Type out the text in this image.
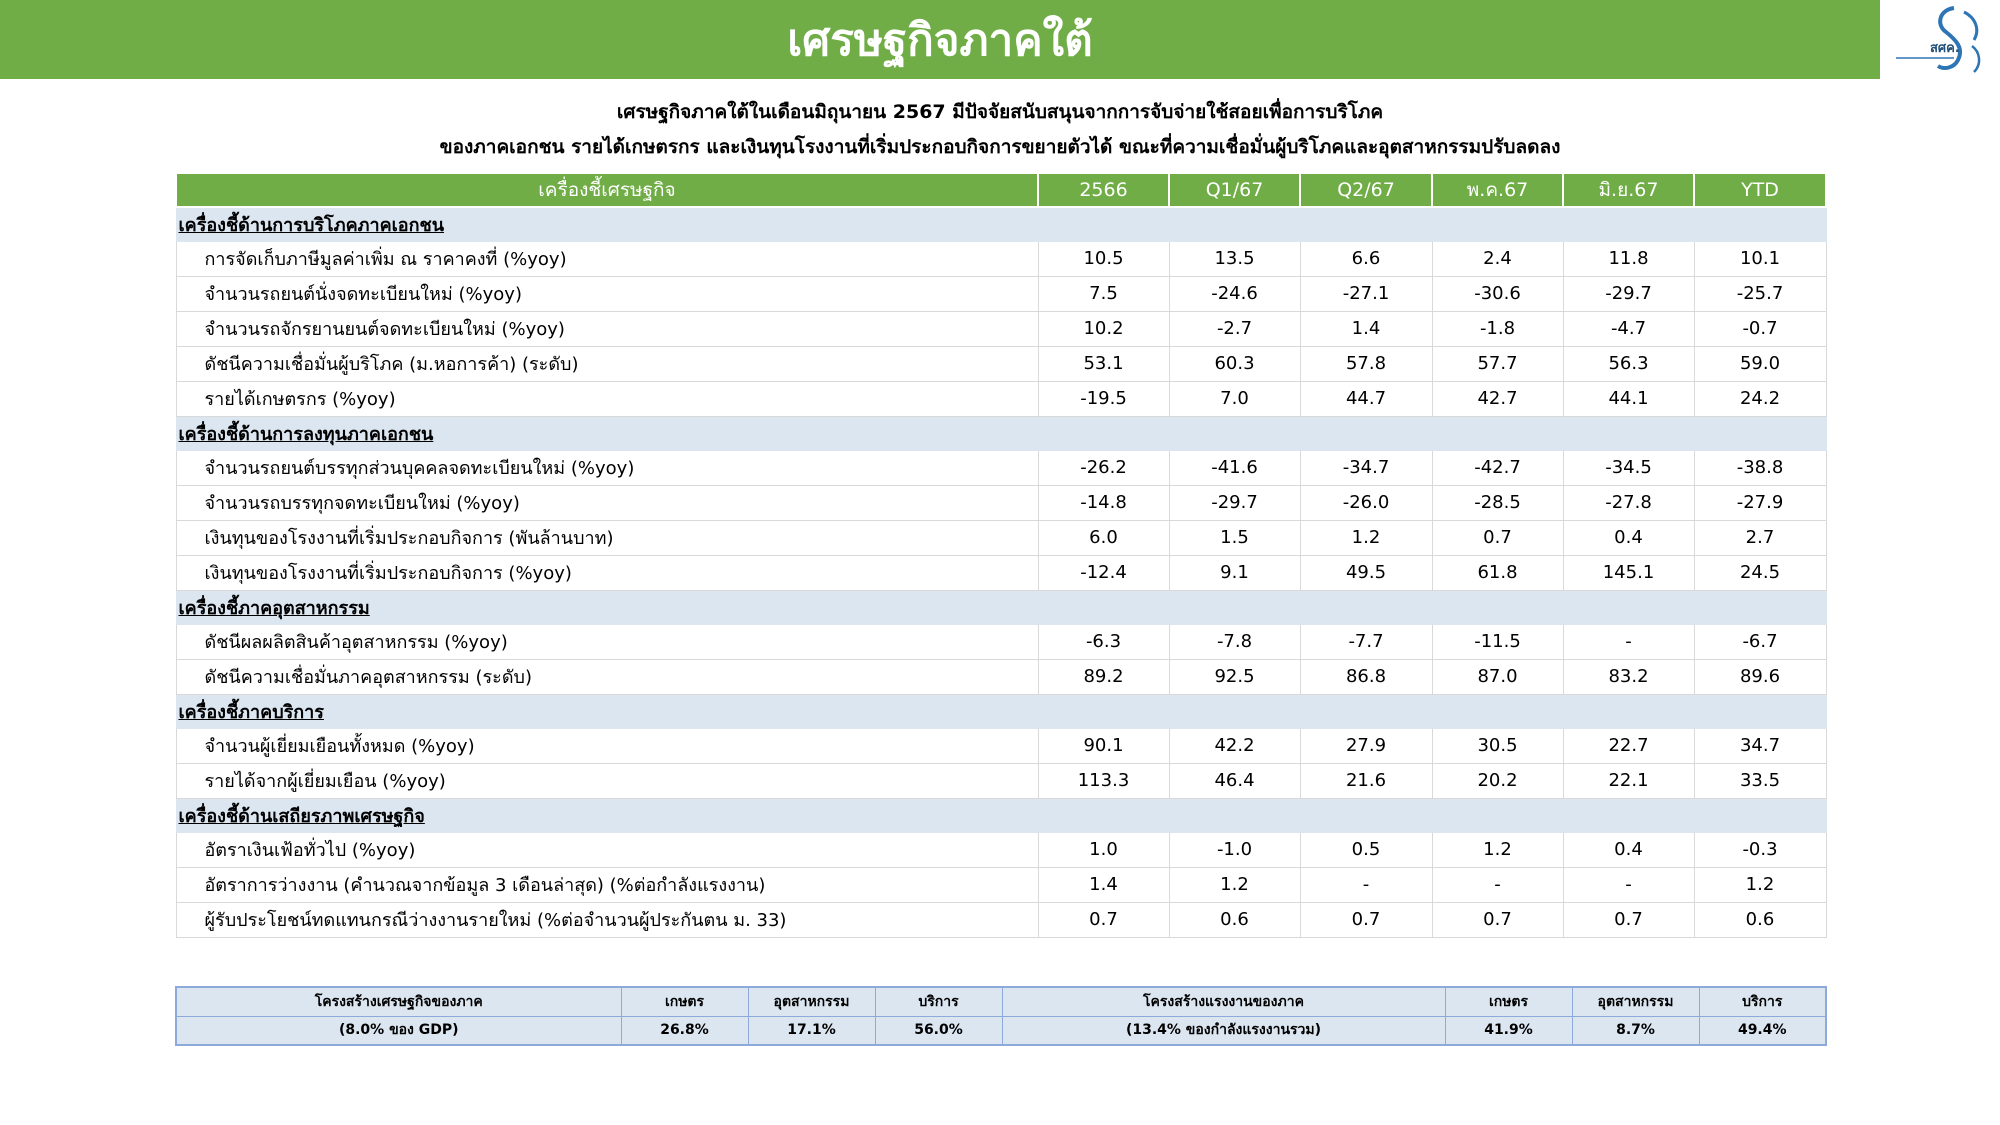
เศรษฐกิจภาคใต้	สศค.
เศรษฐกิจภาคใต้ในเดือนมิถุนายน 2567 มีปัจจัยสนับสนุนจากการจับจ่ายใช้สอยเพื่อการบริโภค
ของภาคเอกชน รายได้เกษตรกร และเงินทุนโรงงานที่เริ่มประกอบกิจการขยายตัวได้ ขณะที่ความเชื่อมั่นผู้บริโภคและอุตสาหกรรมปรับลดลง
เครื่องชี้เศรษฐกิจ	2566	Q1/67	Q2/67	พ.ค.67	มิ.ย.67	YTD
เครื่องชี้ด้านการบริโภคภาคเอกชน						
การจัดเก็บภาษีมูลค่าเพิ่ม ณ ราคาคงที่ (%yoy)	10.5	13.5	6.6	2.4	11.8	10.1
จำนวนรถยนต์นั่งจดทะเบียนใหม่ (%yoy)	7.5	-24.6	-27.1	-30.6	-29.7	-25.7
จำนวนรถจักรยานยนต์จดทะเบียนใหม่ (%yoy)	10.2	-2.7	1.4	-1.8	-4.7	-0.7
ดัชนีความเชื่อมั่นผู้บริโภค (ม.หอการค้า) (ระดับ)	53.1	60.3	57.8	57.7	56.3	59.0
รายได้เกษตรกร (%yoy)	-19.5	7.0	44.7	42.7	44.1	24.2
เครื่องชี้ด้านการลงทุนภาคเอกชน						
จำนวนรถยนต์บรรทุกส่วนบุคคลจดทะเบียนใหม่ (%yoy)	-26.2	-41.6	-34.7	-42.7	-34.5	-38.8
จำนวนรถบรรทุกจดทะเบียนใหม่ (%yoy)	-14.8	-29.7	-26.0	-28.5	-27.8	-27.9
เงินทุนของโรงงานที่เริ่มประกอบกิจการ (พันล้านบาท)	6.0	1.5	1.2	0.7	0.4	2.7
เงินทุนของโรงงานที่เริ่มประกอบกิจการ (%yoy)	-12.4	9.1	49.5	61.8	145.1	24.5
เครื่องชี้ภาคอุตสาหกรรม						
ดัชนีผลผลิตสินค้าอุตสาหกรรม (%yoy)	-6.3	-7.8	-7.7	-11.5	-	-6.7
ดัชนีความเชื่อมั่นภาคอุตสาหกรรม (ระดับ)	89.2	92.5	86.8	87.0	83.2	89.6
เครื่องชี้ภาคบริการ						
จำนวนผู้เยี่ยมเยือนทั้งหมด (%yoy)	90.1	42.2	27.9	30.5	22.7	34.7
รายได้จากผู้เยี่ยมเยือน (%yoy)	113.3	46.4	21.6	20.2	22.1	33.5
เครื่องชี้ด้านเสถียรภาพเศรษฐกิจ						
อัตราเงินเฟ้อทั่วไป (%yoy)	1.0	-1.0	0.5	1.2	0.4	-0.3
อัตราการว่างงาน (คำนวณจากข้อมูล 3 เดือนล่าสุด) (%ต่อกำลังแรงงาน)	1.4	1.2	-	-	-	1.2
ผู้รับประโยชน์ทดแทนกรณีว่างงานรายใหม่ (%ต่อจำนวนผู้ประกันตน ม. 33)	0.7	0.6	0.7	0.7	0.7	0.6
โครงสร้างเศรษฐกิจของภาค	เกษตร	อุตสาหกรรม	บริการ	โครงสร้างแรงงานของภาค	เกษตร	อุตสาหกรรม	บริการ
(8.0% ของ GDP)	26.8%	17.1%	56.0%	(13.4% ของกำลังแรงงานรวม)	41.9%	8.7%	49.4%
